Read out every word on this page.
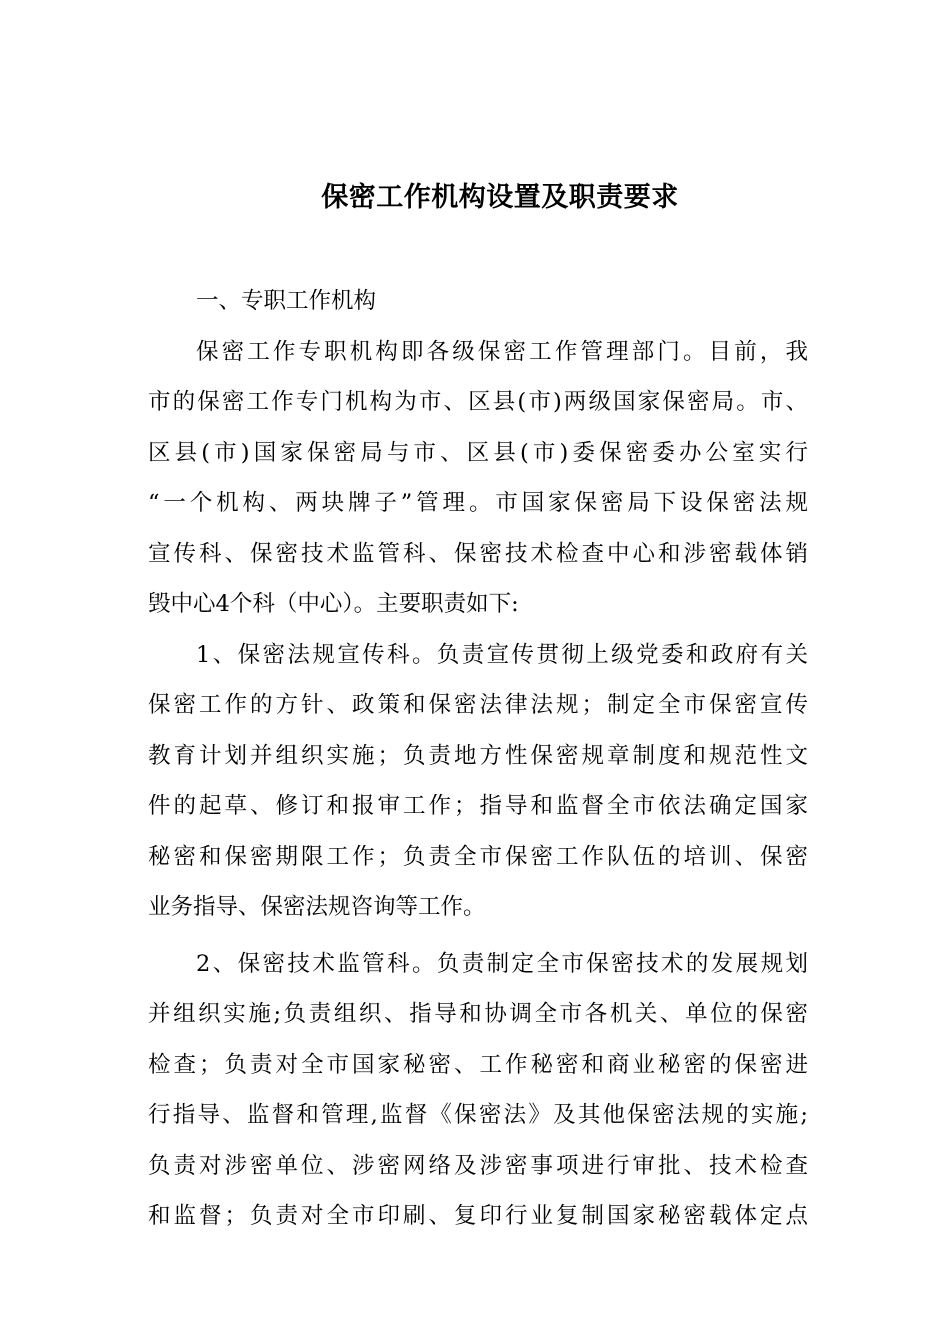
保密工作机构设置及职责要求
一、专职工作机构
保密工作专职机构即各级保密工作管理部门。目前，我
市的保密工作专门机构为市、区县(市)两级国家保密局。市、
区县(市)国家保密局与市、区县(市)委保密委办公室实行
“一个机构、两块牌子”管理。市国家保密局下设保密法规
宣传科、保密技术监管科、保密技术检查中心和涉密载体销
毁中心4个科（中心）。主要职责如下:
1、保密法规宣传科。负责宣传贯彻上级党委和政府有关
保密工作的方针、政策和保密法律法规；制定全市保密宣传
教育计划并组织实施；负责地方性保密规章制度和规范性文
件的起草、修订和报审工作；指导和监督全市依法确定国家
秘密和保密期限工作；负责全市保密工作队伍的培训、保密
业务指导、保密法规咨询等工作。
2、保密技术监管科。负责制定全市保密技术的发展规划
并组织实施;负责组织、指导和协调全市各机关、单位的保密
检查；负责对全市国家秘密、工作秘密和商业秘密的保密进
行指导、监督和管理,监督《保密法》及其他保密法规的实施;
负责对涉密单位、涉密网络及涉密事项进行审批、技术检查
和监督；负责对全市印刷、复印行业复制国家秘密载体定点
